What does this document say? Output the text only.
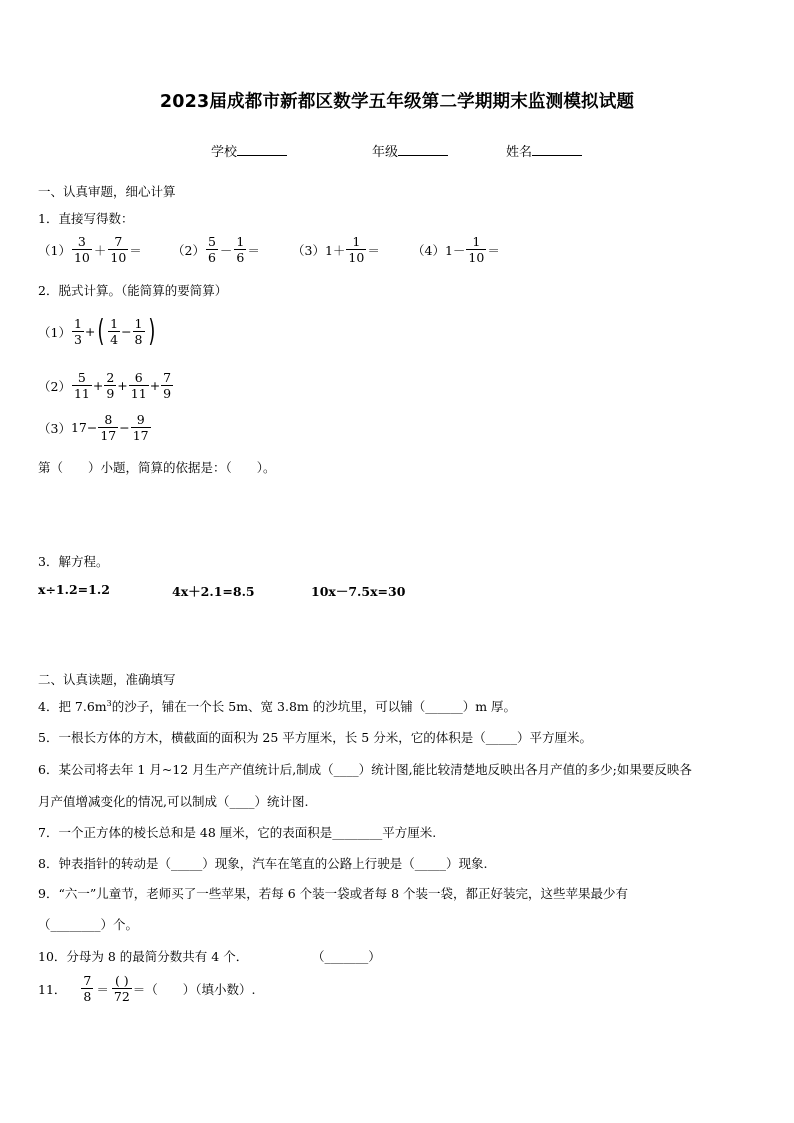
2023届成都市新都区数学五年级第二学期期末监测模拟试题
学校	年级	姓名
一、认真审题，细心计算
1．直接写得数：
$(1) \frac{3}{10} + \frac{7}{10} = (2) \frac{5}{6} - \frac{1}{6}$ ＝	（3） $1+ \frac{1}{10}$ ＝	（4） $1- \frac{1}{10}$ ＝
2．脱式计算。（能简算的要简算）
$(1) \frac{1}{3}$ + ( $\frac{1}{4} - \frac{1}{8}$ )
$(2) \frac{5}{11} + \frac{2}{9} + \frac{6}{11} + \frac{7}{9}$
（3） $17- \frac{8}{17} - \frac{9}{17}$
第（　　）小题，简算的依据是：（　　）。
3．解方程。
x÷1.2=1.2	4x＋2.1=8.5	10x－7.5x=30
二、认真读题，准确填写
4．把 $7.6m^3$的沙子，铺在一个长 5m、宽 3.8m 的沙坑里，可以铺（______）m 厚。
5．一根长方体的方木，横截面的面积为 25 平方厘米，长 5 分米，它的体积是（_____）平方厘米。
6．某公司将去年 1 月~12 月生产产值统计后,制成（____）统计图,能比较清楚地反映出各月产值的多少;如果要反映各
月产值增减变化的情况,可以制成（____）统计图.
7．一个正方体的棱长总和是 48 厘米，它的表面积是________平方厘米.
8．钟表指针的转动是（_____）现象，汽车在笔直的公路上行驶是（_____）现象.
9．“六一”儿童节，老师买了一些苹果，若每 6 个装一袋或者每 8 个装一袋，都正好装完，这些苹果最少有
（________）个。
10．分母为 8 的最简分数共有 4 个．	（_______）
11． $\frac{7}{8} = \frac{( )}{72}$ ＝（　　）（填小数）.
